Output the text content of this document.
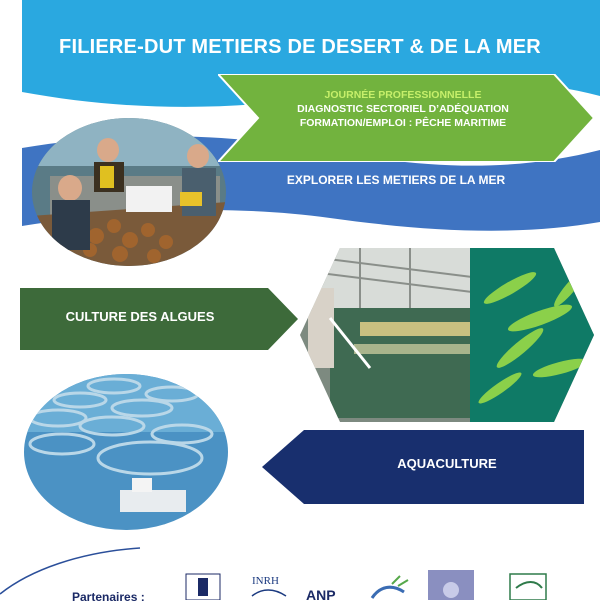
FILIERE-DUT METIERS DE DESERT & DE LA MER
JOURNÉE PROFESSIONNELLE
DIAGNOSTIC SECTORIEL D’ADÉQUATION
FORMATION/EMPLOI : PÊCHE MARITIME
EXPLORER LES METIERS DE LA MER
CULTURE DES ALGUES
AQUACULTURE
INRH
ANP
Partenaires :
